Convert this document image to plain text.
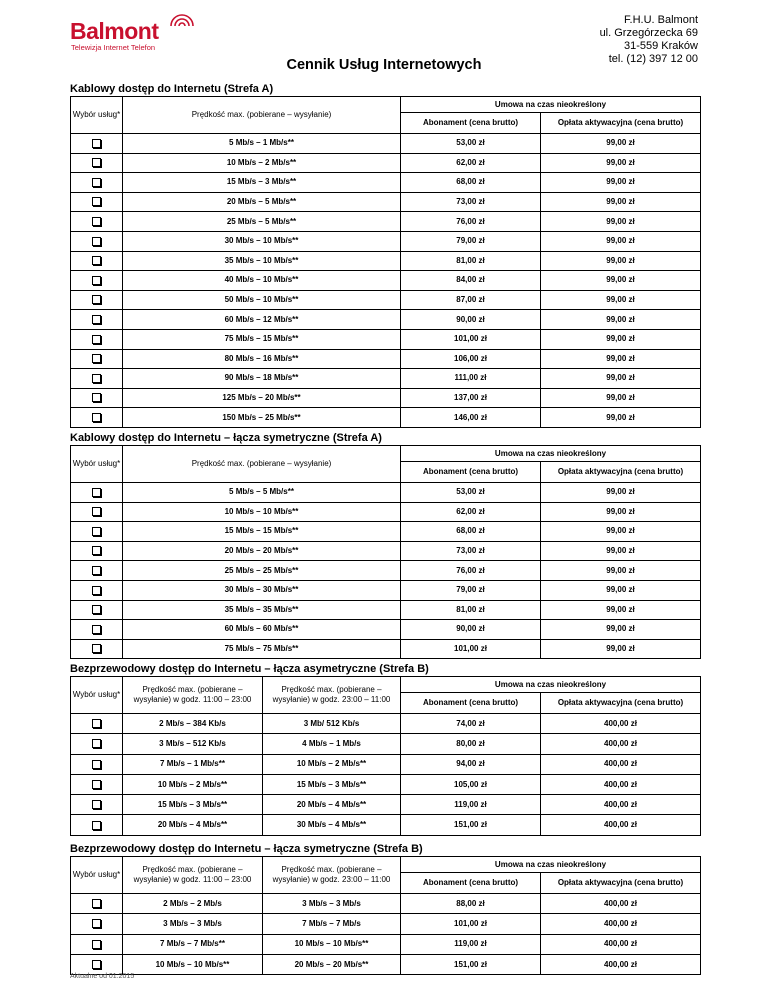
Balmont
Telewizja Internet Telefon
F.H.U. Balmont
ul. Grzegórzecka 69
31-559 Kraków
tel. (12) 397 12 00
Cennik Usług Internetowych
Kablowy dostęp do Internetu (Strefa A)
Wybór usług*	Prędkość max. (pobierane – wysyłanie)	Umowa na czas nieokreślony	
		Abonament (cena brutto)	Opłata aktywacyjna (cena brutto)
	5 Mb/s – 1 Mb/s**	53,00 zł	99,00 zł
	10 Mb/s – 2 Mb/s**	62,00 zł	99,00 zł
	15 Mb/s – 3 Mb/s**	68,00 zł	99,00 zł
	20 Mb/s – 5 Mb/s**	73,00 zł	99,00 zł
	25 Mb/s – 5 Mb/s**	76,00 zł	99,00 zł
	30 Mb/s – 10 Mb/s**	79,00 zł	99,00 zł
	35 Mb/s – 10 Mb/s**	81,00 zł	99,00 zł
	40 Mb/s – 10 Mb/s**	84,00 zł	99,00 zł
	50 Mb/s – 10 Mb/s**	87,00 zł	99,00 zł
	60 Mb/s – 12 Mb/s**	90,00 zł	99,00 zł
	75 Mb/s – 15 Mb/s**	101,00 zł	99,00 zł
	80 Mb/s – 16 Mb/s**	106,00 zł	99,00 zł
	90 Mb/s – 18 Mb/s**	111,00 zł	99,00 zł
	125 Mb/s – 20 Mb/s**	137,00 zł	99,00 zł
	150 Mb/s – 25 Mb/s**	146,00 zł	99,00 zł
Kablowy dostęp do Internetu – łącza symetryczne (Strefa A)
Wybór usług*	Prędkość max. (pobierane – wysyłanie)	Umowa na czas nieokreślony	
		Abonament (cena brutto)	Opłata aktywacyjna (cena brutto)
	5 Mb/s – 5 Mb/s**	53,00 zł	99,00 zł
	10 Mb/s – 10 Mb/s**	62,00 zł	99,00 zł
	15 Mb/s – 15 Mb/s**	68,00 zł	99,00 zł
	20 Mb/s – 20 Mb/s**	73,00 zł	99,00 zł
	25 Mb/s – 25 Mb/s**	76,00 zł	99,00 zł
	30 Mb/s – 30 Mb/s**	79,00 zł	99,00 zł
	35 Mb/s – 35 Mb/s**	81,00 zł	99,00 zł
	60 Mb/s – 60 Mb/s**	90,00 zł	99,00 zł
	75 Mb/s – 75 Mb/s**	101,00 zł	99,00 zł
Bezprzewodowy dostęp do Internetu – łącza asymetryczne (Strefa B)
Wybór usług*	Prędkość max. (pobierane – wysyłanie) w godz. 11:00 – 23:00	Prędkość max. (pobierane – wysyłanie) w godz. 23:00 – 11:00	Umowa na czas nieokreślony	
			Abonament (cena brutto)	Opłata aktywacyjna (cena brutto)
	2 Mb/s – 384 Kb/s	3 Mb/ 512 Kb/s	74,00 zł	400,00 zł
	3 Mb/s – 512 Kb/s	4 Mb/s – 1 Mb/s	80,00 zł	400,00 zł
	7 Mb/s – 1 Mb/s**	10 Mb/s – 2 Mb/s**	94,00 zł	400,00 zł
	10 Mb/s – 2 Mb/s**	15 Mb/s – 3 Mb/s**	105,00 zł	400,00 zł
	15 Mb/s – 3 Mb/s**	20 Mb/s – 4 Mb/s**	119,00 zł	400,00 zł
	20 Mb/s – 4 Mb/s**	30 Mb/s – 4 Mb/s**	151,00 zł	400,00 zł
Bezprzewodowy dostęp do Internetu – łącza symetryczne (Strefa B)
Wybór usług*	Prędkość max. (pobierane – wysyłanie) w godz. 11:00 – 23:00	Prędkość max. (pobierane – wysyłanie) w godz. 23:00 – 11:00	Umowa na czas nieokreślony	
			Abonament (cena brutto)	Opłata aktywacyjna (cena brutto)
	2 Mb/s – 2 Mb/s	3 Mb/s – 3 Mb/s	88,00 zł	400,00 zł
	3 Mb/s – 3 Mb/s	7 Mb/s – 7 Mb/s	101,00 zł	400,00 zł
	7 Mb/s – 7 Mb/s**	10 Mb/s – 10 Mb/s**	119,00 zł	400,00 zł
	10 Mb/s – 10 Mb/s**	20 Mb/s – 20 Mb/s**	151,00 zł	400,00 zł
Aktualne od 01.2015
